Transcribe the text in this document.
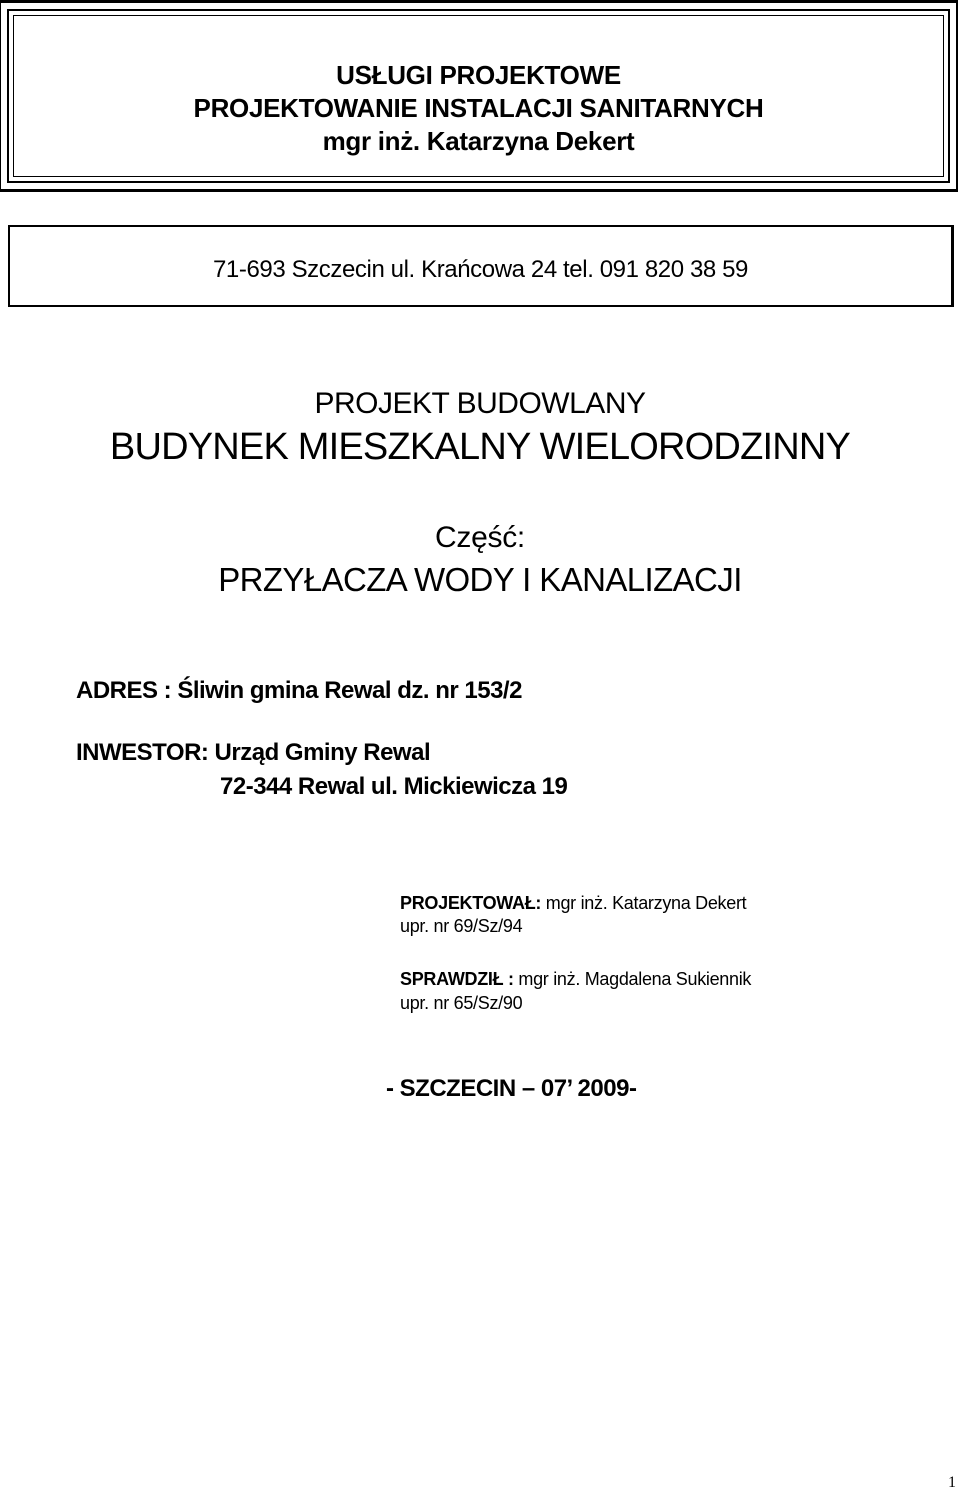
USŁUGI PROJEKTOWE
PROJEKTOWANIE INSTALACJI SANITARNYCH
mgr inż. Katarzyna Dekert
71-693 Szczecin ul. Krańcowa 24 tel. 091 820 38 59
PROJEKT BUDOWLANY
BUDYNEK MIESZKALNY WIELORODZINNY
Część:
PRZYŁACZA WODY I KANALIZACJI
ADRES : Śliwin gmina Rewal dz. nr 153/2
INWESTOR: Urząd Gminy Rewal
72-344 Rewal ul. Mickiewicza 19
PROJEKTOWAŁ: mgr inż. Katarzyna Dekert
upr. nr 69/Sz/94
SPRAWDZIŁ : mgr inż. Magdalena Sukiennik
upr. nr 65/Sz/90
- SZCZECIN – 07’ 2009-
1
